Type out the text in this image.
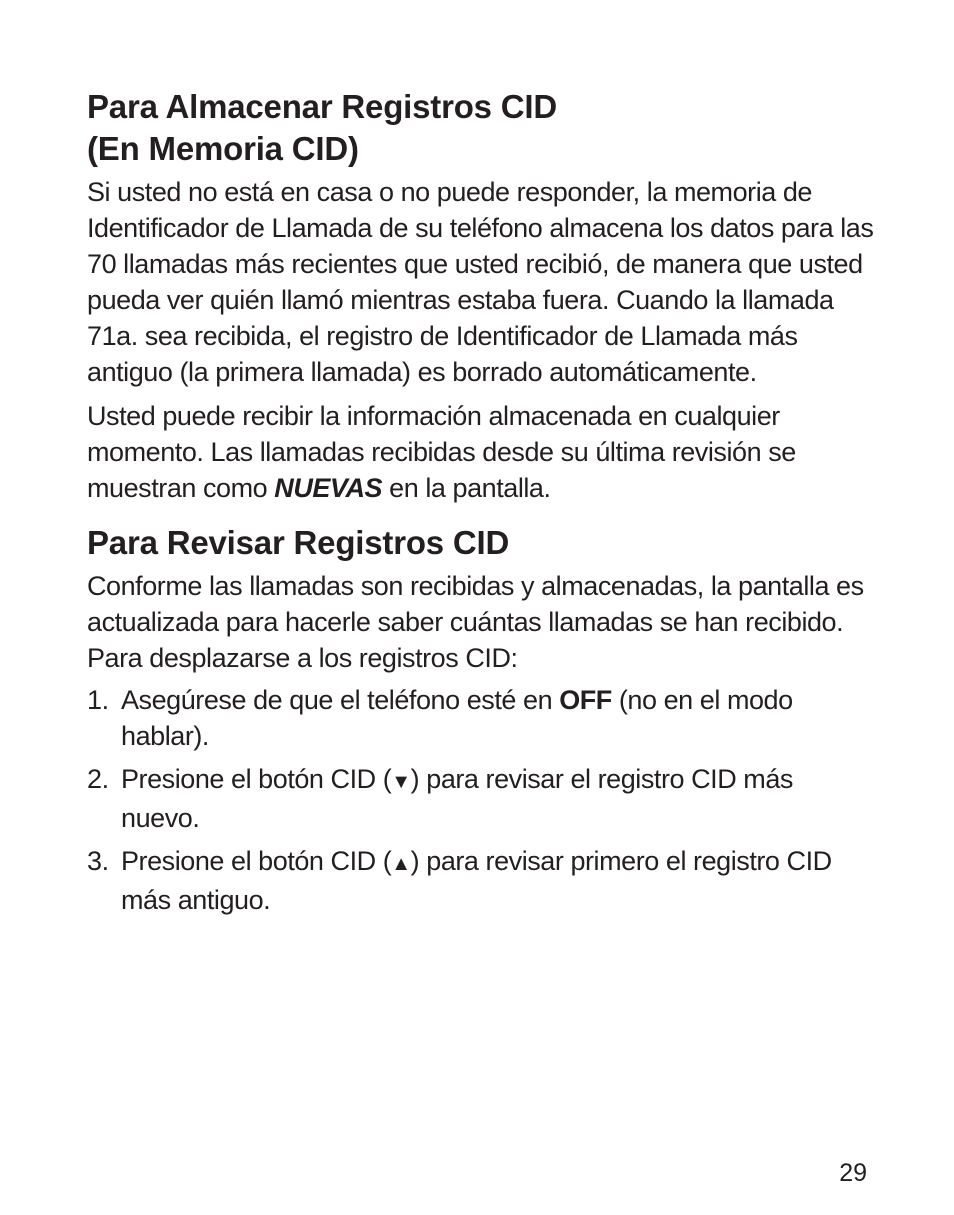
Para Almacenar Registros CID
(En Memoria CID)

Si usted no está en casa o no puede responder, la memoria de Identificador de Llamada de su teléfono almacena los datos para las 70 llamadas más recientes que usted recibió, de manera que usted pueda ver quién llamó mientras estaba fuera. Cuando la llamada 71a. sea recibida, el registro de Identificador de Llamada más antiguo (la primera llamada) es borrado automáticamente.

Usted puede recibir la información almacenada en cualquier momento. Las llamadas recibidas desde su última revisión se muestran como NUEVAS en la pantalla.

Para Revisar Registros CID

Conforme las llamadas son recibidas y almacenadas, la pantalla es actualizada para hacerle saber cuántas llamadas se han recibido. Para desplazarse a los registros CID:

1. Asegúrese de que el teléfono esté en OFF (no en el modo hablar).
2. Presione el botón CID (▼) para revisar el registro CID más nuevo.
3. Presione el botón CID (▲) para revisar primero el registro CID más antiguo.
29
